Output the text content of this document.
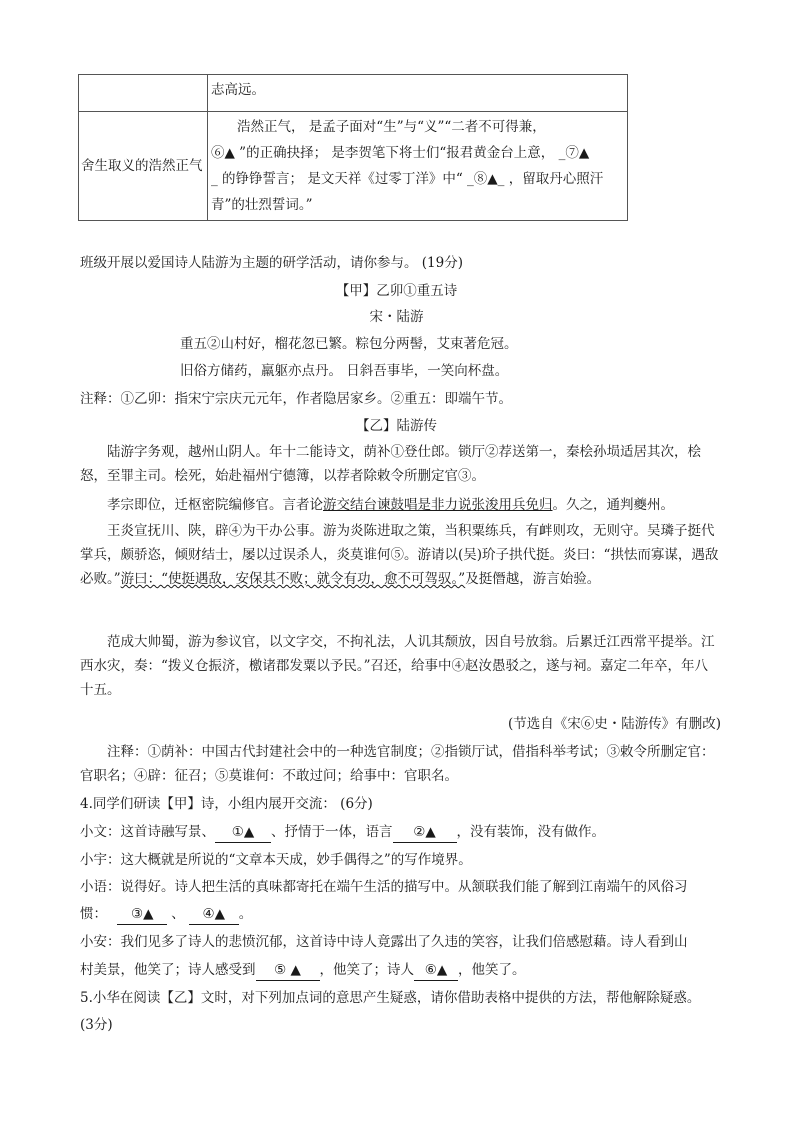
	志高远。
舍生取义的浩然正气	浩然正气， 是孟子面对“生”与“义”“二者不可得兼，
⑥▲ ”的正确抉择； 是李贺笔下将士们“报君黄金台上意， _⑦▲
_ 的铮铮誓言； 是文天祥《过零丁洋》中“ _⑧▲_ ，留取丹心照汗
青”的壮烈誓词。”
班级开展以爱国诗人陆游为主题的研学活动，请你参与。 (19分)
【甲】乙卯①重五诗
宋・陆游
重五②山村好，榴花忽已繁。粽包分两髻，艾束著危冠。
旧俗方储药，羸躯亦点丹。 日斜吾事毕，一笑向杯盘。
注释：①乙卯：指宋宁宗庆元元年，作者隐居家乡。②重五：即端午节。
【乙】陆游传
陆游字务观，越州山阴人。年十二能诗文，荫补①登仕郎。锁厅②荐送第一，秦桧孙埙适居其次，桧怒，至罪主司。桧死，始赴福州宁德簿，以荐者除敕令所删定官③。
孝宗即位，迁枢密院编修官。言者论游交结台谏鼓唱是非力说张浚用兵免归。久之，通判夔州。
王炎宣抚川、陕，辟④为干办公事。游为炎陈进取之策，当积粟练兵，有衅则攻，无则守。吴璘子挺代掌兵，颇骄恣，倾财结士，屡以过误杀人，炎莫谁何⑤。游请以(吴)玠子拱代挺。炎曰：“拱怯而寡谋，遇敌必败。”游曰：“使挺遇敌，安保其不败；就令有功，愈不可驾驭。”及挺僭越，游言始验。
范成大帅蜀，游为参议官，以文字交，不拘礼法，人讥其颓放，因自号放翁。后累迁江西常平提举。江西水灾，奏：“拨义仓振济，檄诸郡发粟以予民。”召还，给事中④赵汝愚驳之，遂与祠。嘉定二年卒，年八十五。
(节选自《宋⑥史・陆游传》有删改)
注释：①荫补：中国古代封建社会中的一种选官制度；②指锁厅试，借指科举考试；③敕令所删定官：官职名；④辟：征召；⑤莫谁何：不敢过问；给事中：官职名。
4.同学们研读【甲】诗，小组内展开交流： (6分)
小文：这首诗融写景、 ①▲ 、抒情于一体，语言 ②▲ ，没有装饰，没有做作。
小宇：这大概就是所说的“文章本天成，妙手偶得之”的写作境界。
小语：说得好。诗人把生活的真味都寄托在端午生活的描写中。从颔联我们能了解到江南端午的风俗习
惯： ③▲ 、 ④▲ 。
小安：我们见多了诗人的悲愤沉郁，这首诗中诗人竟露出了久违的笑容，让我们倍感慰藉。诗人看到山
村美景，他笑了；诗人感受到 ⑤ ▲ ，他笑了；诗人 ⑥▲ ，他笑了。
5.小华在阅读【乙】文时，对下列加点词的意思产生疑惑，请你借助表格中提供的方法，帮他解除疑惑。
(3分)
